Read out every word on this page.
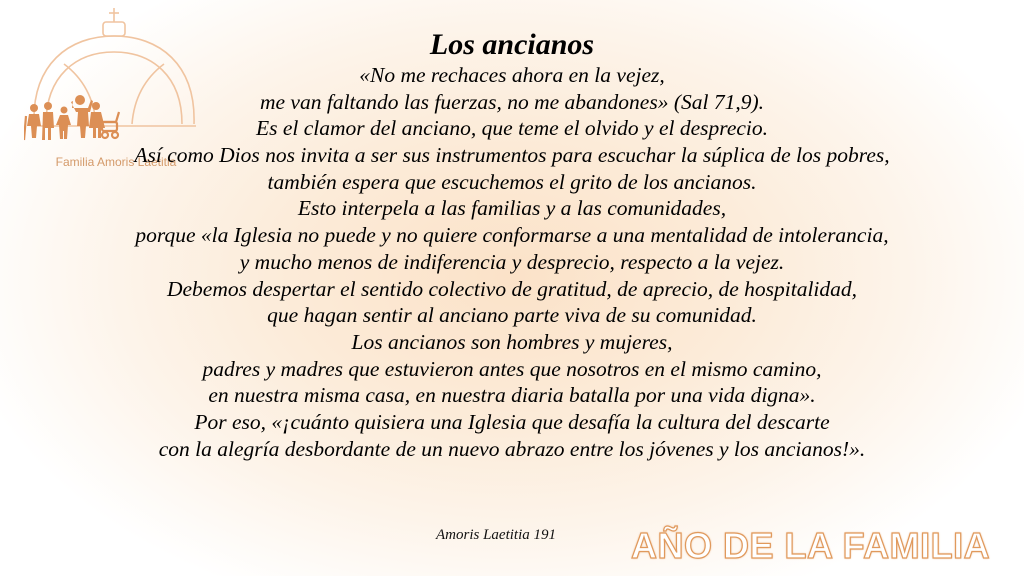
Familia Amoris Laetitia
Los ancianos
«No me rechaces ahora en la vejez,
me van faltando las fuerzas, no me abandones» (Sal 71,9).
Es el clamor del anciano, que teme el olvido y el desprecio.
Así como Dios nos invita a ser sus instrumentos para escuchar la súplica de los pobres,
también espera que escuchemos el grito de los ancianos.
Esto interpela a las familias y a las comunidades,
porque «la Iglesia no puede y no quiere conformarse a una mentalidad de intolerancia,
y mucho menos de indiferencia y desprecio, respecto a la vejez.
Debemos despertar el sentido colectivo de gratitud, de aprecio, de hospitalidad,
que hagan sentir al anciano parte viva de su comunidad.
Los ancianos son hombres y mujeres,
padres y madres que estuvieron antes que nosotros en el mismo camino,
en nuestra misma casa, en nuestra diaria batalla por una vida digna».
Por eso, «¡cuánto quisiera una Iglesia que desafía la cultura del descarte
con la alegría desbordante de un nuevo abrazo entre los jóvenes y los ancianos!».
Amoris Laetitia 191 AÑO DE LA FAMILIA
